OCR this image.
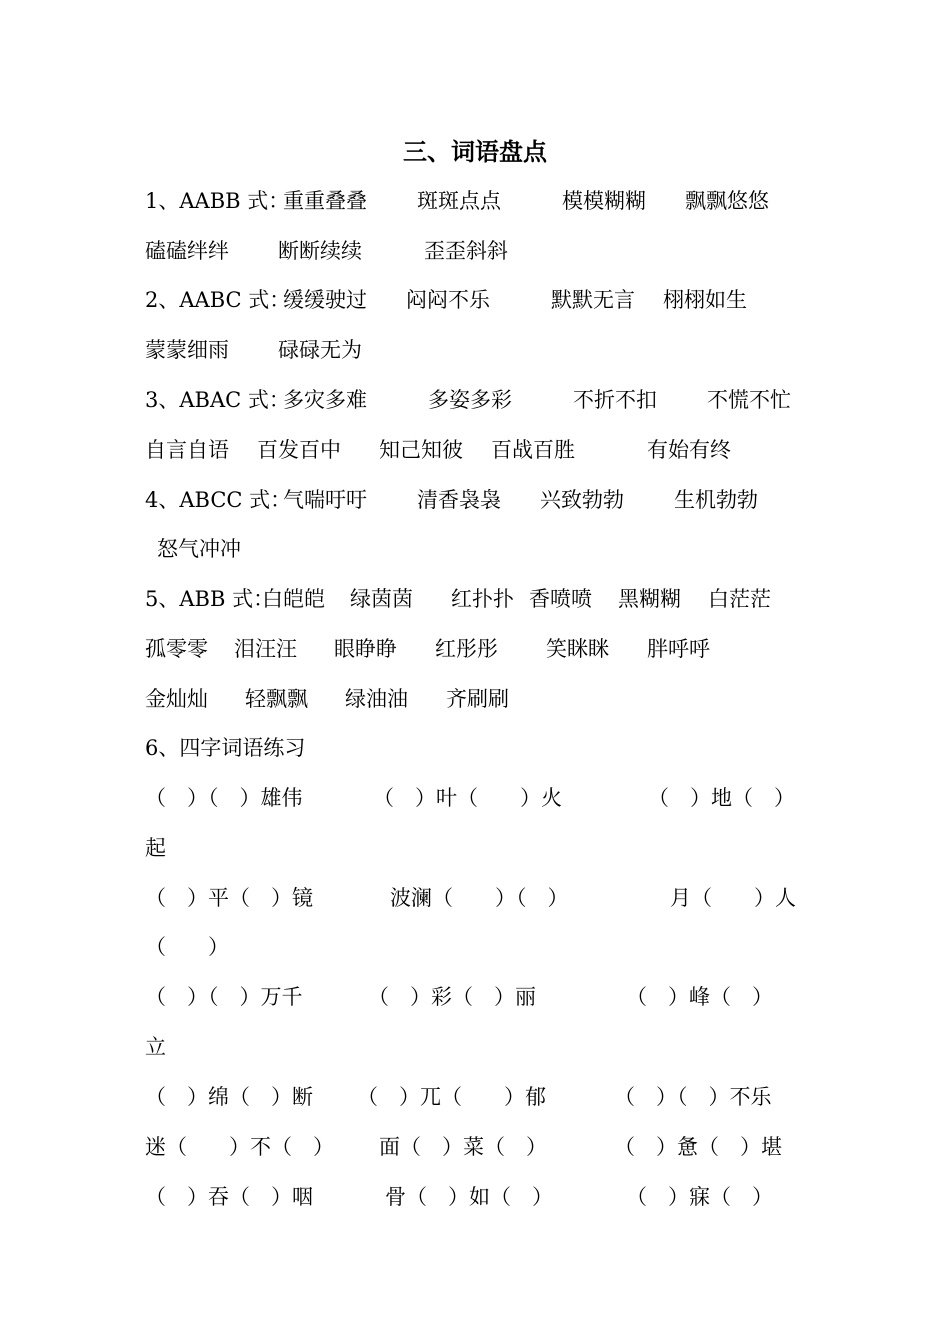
三、词语盘点
1、AABB 式：
重重叠叠 斑斑点点	模模糊糊 飘飘悠悠
磕磕绊绊 断断续续	歪歪斜斜
2、AABC 式：
缓缓驶过 闷闷不乐	默默无言 栩栩如生
蒙蒙细雨 碌碌无为
3、ABAC 式：
多灾多难	多姿多彩	不折不扣 不慌不忙
自言自语 百发百中 知己知彼 百战百胜	有始有终
4、ABCC 式：
气喘吁吁 清香袅袅 兴致勃勃 生机勃勃
怒气冲冲
5、ABB 式：
白皑皑 绿茵茵 红扑扑 香喷喷 黑糊糊 白茫茫
孤零零 泪汪汪 眼睁睁 红彤彤 笑眯眯 胖呼呼
金灿灿 轻飘飘 绿油油 齐刷刷
6、四字词语练习
（　）（　）雄伟	（　）叶（　　）火	（　）地（　）
起
（　）平（　）镜	波澜（　　）（　）	月（　　）人
（　　）
（　）（　）万千	（　）彩（　）丽	（　）峰（　）
立
（　）绵（　）断 （　）兀（　　）郁	（　）（　）不乐
迷（　　）不（　） 面（　）菜（　）	（　）惫（　）堪
（　）吞（　）咽	骨（　）如（　）	（　）寐（　）
